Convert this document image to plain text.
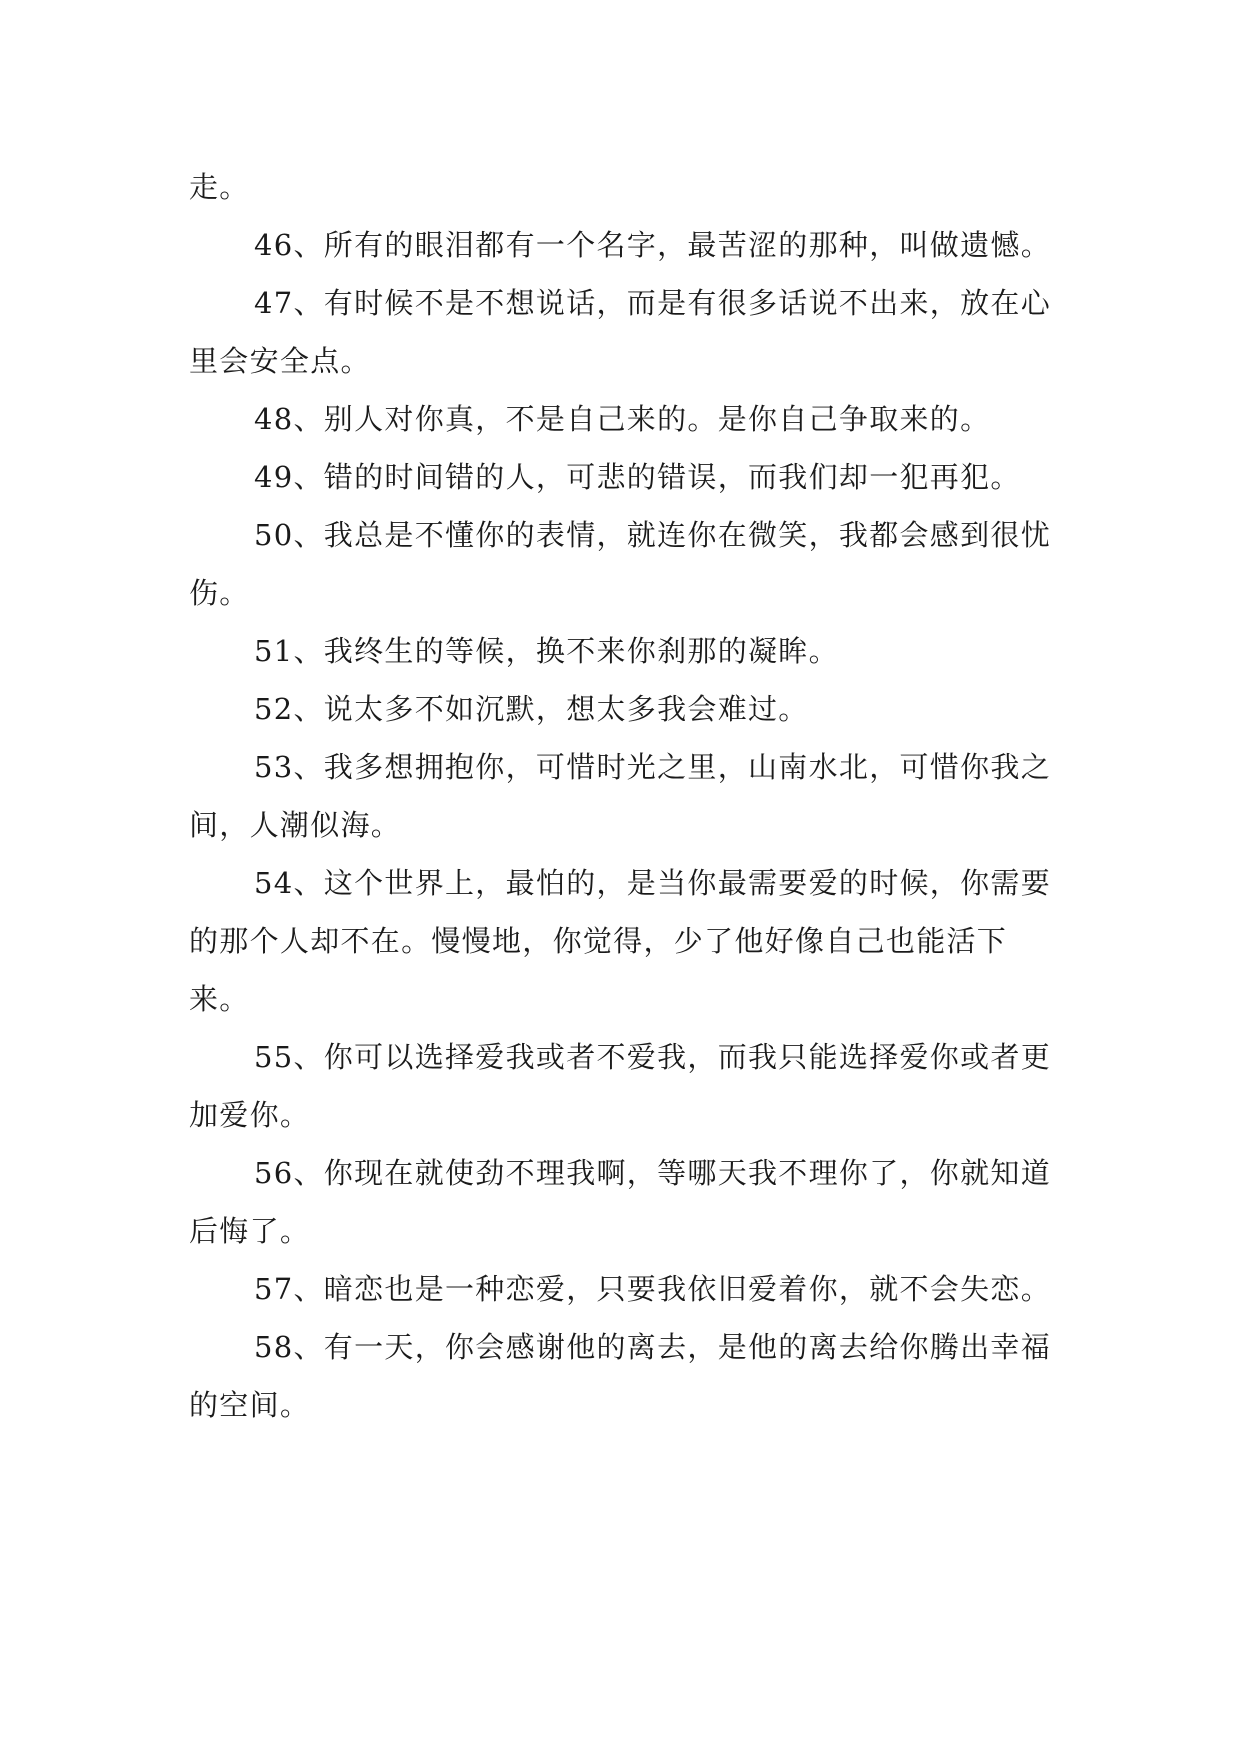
走。

46、所有的眼泪都有一个名字，最苦涩的那种，叫做遗憾。

47、有时候不是不想说话，而是有很多话说不出来，放在心里会安全点。

48、别人对你真，不是自己来的。是你自己争取来的。

49、错的时间错的人，可悲的错误，而我们却一犯再犯。

50、我总是不懂你的表情，就连你在微笑，我都会感到很忧伤。

51、我终生的等候，换不来你刹那的凝眸。

52、说太多不如沉默，想太多我会难过。

53、我多想拥抱你，可惜时光之里，山南水北，可惜你我之间，人潮似海。

54、这个世界上，最怕的，是当你最需要爱的时候，你需要的那个人却不在。慢慢地，你觉得，少了他好像自己也能活下来。

55、你可以选择爱我或者不爱我，而我只能选择爱你或者更加爱你。

56、你现在就使劲不理我啊，等哪天我不理你了，你就知道后悔了。

57、暗恋也是一种恋爱，只要我依旧爱着你，就不会失恋。

58、有一天，你会感谢他的离去，是他的离去给你腾出幸福的空间。
